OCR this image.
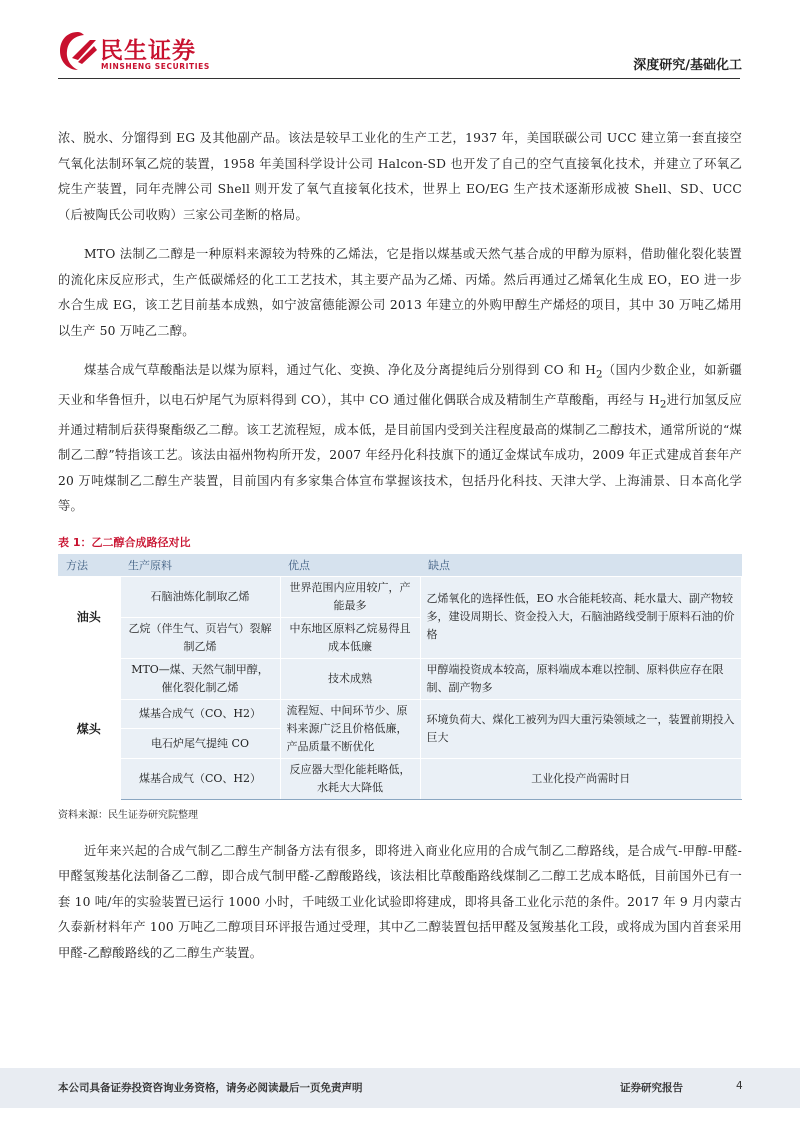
民生证券
MINSHENG SECURITIES	深度研究/基础化工

浓、脱水、分馏得到 EG 及其他副产品。该法是较早工业化的生产工艺，1937 年，美国联碳公司 UCC 建立第一套直接空气氧化法制环氧乙烷的装置，1958 年美国科学设计公司 Halcon-SD 也开发了自己的空气直接氧化技术，并建立了环氧乙烷生产装置，同年壳牌公司 Shell 则开发了氧气直接氧化技术，世界上 EO/EG 生产技术逐渐形成被 Shell、SD、UCC（后被陶氏公司收购）三家公司垄断的格局。

MTO 法制乙二醇是一种原料来源较为特殊的乙烯法，它是指以煤基或天然气基合成的甲醇为原料，借助催化裂化装置的流化床反应形式，生产低碳烯烃的化工工艺技术，其主要产品为乙烯、丙烯。然后再通过乙烯氧化生成 EO，EO 进一步水合生成 EG，该工艺目前基本成熟，如宁波富德能源公司 2013 年建立的外购甲醇生产烯烃的项目，其中 30 万吨乙烯用以生产 50 万吨乙二醇。

煤基合成气草酸酯法是以煤为原料，通过气化、变换、净化及分离提纯后分别得到 CO 和 $H_2$（国内少数企业，如新疆天业和华鲁恒升，以电石炉尾气为原料得到 CO），其中 CO 通过催化偶联合成及精制生产草酸酯，再经与 $H_2$进行加氢反应并通过精制后获得聚酯级乙二醇。该工艺流程短，成本低，是目前国内受到关注程度最高的煤制乙二醇技术，通常所说的“煤制乙二醇”特指该工艺。该法由福州物构所开发，2007 年经丹化科技旗下的通辽金煤试车成功，2009 年正式建成首套年产 20 万吨煤制乙二醇生产装置，目前国内有多家集合体宣布掌握该技术，包括丹化科技、天津大学、上海浦景、日本高化学等。

表 1：乙二醇合成路径对比
方法	生产原料	优点	缺点
油头	石脑油炼化制取乙烯	世界范围内应用较广，产能最多	乙烯氧化的选择性低，EO 水合能耗较高、耗水量大、副产物较多，建设周期长、资金投入大，石脑油路线受制于原料石油的价格
	乙烷（伴生气、页岩气）裂解制乙烯	中东地区原料乙烷易得且成本低廉	
煤头	MTO—煤、天然气制甲醇，催化裂化制乙烯	技术成熟	甲醇端投资成本较高，原料端成本难以控制、原料供应存在限制、副产物多
	煤基合成气（CO、H2）	流程短、中间环节少、原料来源广泛且价格低廉，产品质量不断优化	环境负荷大、煤化工被列为四大重污染领域之一，装置前期投入巨大
	电石炉尾气提纯 CO		
	煤基合成气（CO、H2）	反应器大型化能耗略低，水耗大大降低	工业化投产尚需时日
资料来源：民生证券研究院整理

近年来兴起的合成气制乙二醇生产制备方法有很多，即将进入商业化应用的合成气制乙二醇路线，是合成气-甲醇-甲醛-甲醛氢羧基化法制备乙二醇，即合成气制甲醛-乙醇酸路线，该法相比草酸酯路线煤制乙二醇工艺成本略低，目前国外已有一套 10 吨/年的实验装置已运行 1000 小时，千吨级工业化试验即将建成，即将具备工业化示范的条件。2017 年 9 月内蒙古久泰新材料年产 100 万吨乙二醇项目环评报告通过受理，其中乙二醇装置包括甲醛及氢羧基化工段，或将成为国内首套采用甲醛-乙醇酸路线的乙二醇生产装置。

本公司具备证券投资咨询业务资格，请务必阅读最后一页免责声明	证券研究报告	4
